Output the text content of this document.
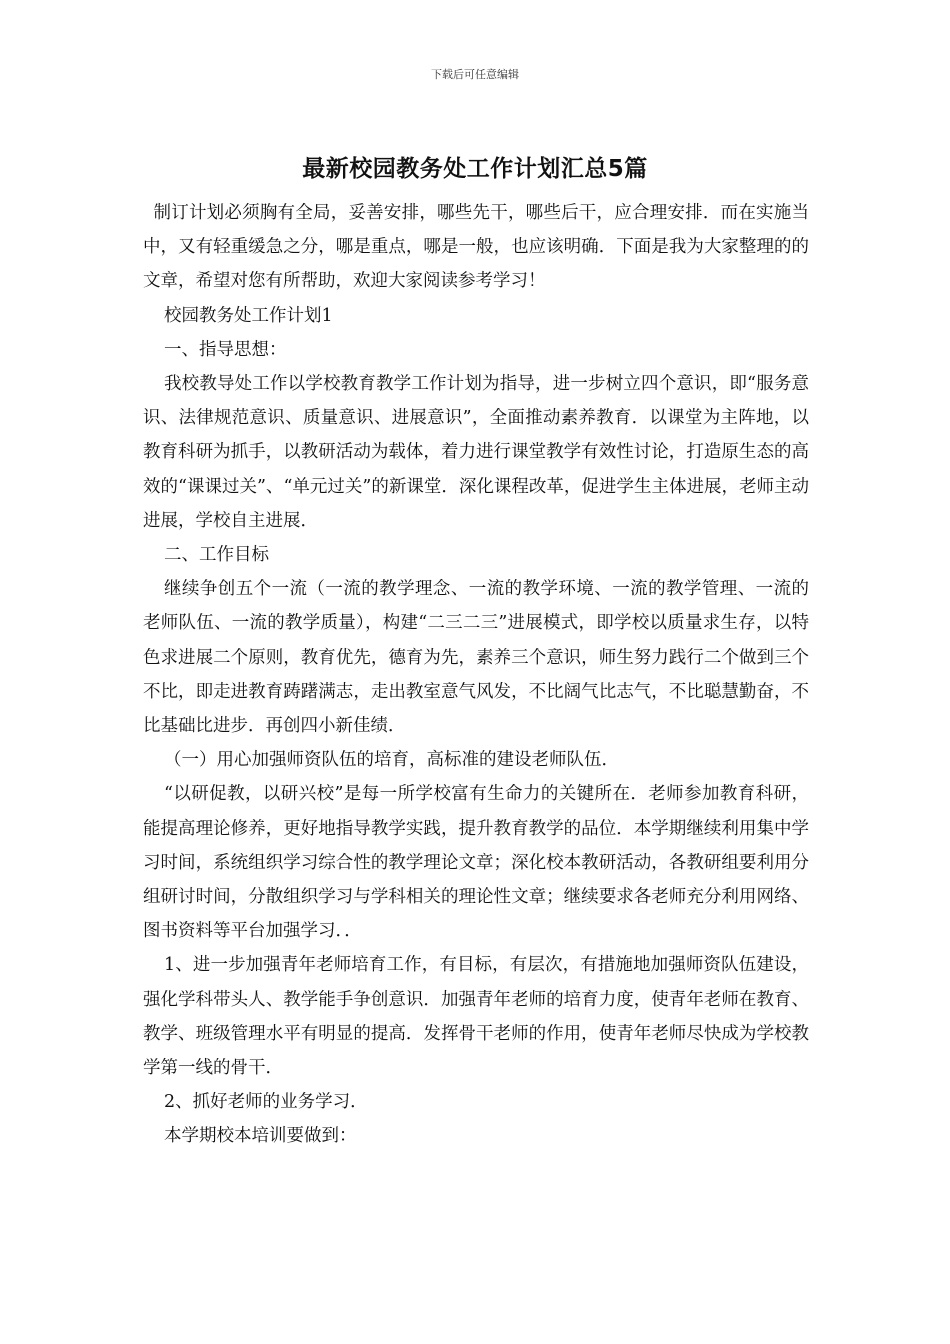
下载后可任意编辑
最新校园教务处工作计划汇总5篇

制订计划必须胸有全局，妥善安排，哪些先干，哪些后干，应合理安排．而在实施当中，又有轻重缓急之分，哪是重点，哪是一般，也应该明确．下面是我为大家整理的的文章，希望对您有所帮助，欢迎大家阅读参考学习！

校园教务处工作计划1

一、指导思想：

我校教导处工作以学校教育教学工作计划为指导，进一步树立四个意识，即“服务意识、法律规范意识、质量意识、进展意识”，全面推动素养教育．以课堂为主阵地，以教育科研为抓手，以教研活动为载体，着力进行课堂教学有效性讨论，打造原生态的高效的“课课过关”、“单元过关”的新课堂．深化课程改革，促进学生主体进展，老师主动进展，学校自主进展．

二、工作目标

继续争创五个一流（一流的教学理念、一流的教学环境、一流的教学管理、一流的老师队伍、一流的教学质量），构建“二三二三”进展模式，即学校以质量求生存，以特色求进展二个原则，教育优先，德育为先，素养三个意识，师生努力践行二个做到三个不比，即走进教育踌躇满志，走出教室意气风发，不比阔气比志气，不比聪慧勤奋，不比基础比进步．再创四小新佳绩．

（一）用心加强师资队伍的培育，高标准的建设老师队伍．

“以研促教，以研兴校”是每一所学校富有生命力的关键所在．老师参加教育科研，能提高理论修养，更好地指导教学实践，提升教育教学的品位．本学期继续利用集中学习时间，系统组织学习综合性的教学理论文章；深化校本教研活动，各教研组要利用分组研讨时间，分散组织学习与学科相关的理论性文章；继续要求各老师充分利用网络、图书资料等平台加强学习．．

1、进一步加强青年老师培育工作，有目标，有层次，有措施地加强师资队伍建设，强化学科带头人、教学能手争创意识．加强青年老师的培育力度，使青年老师在教育、教学、班级管理水平有明显的提高．发挥骨干老师的作用，使青年老师尽快成为学校教学第一线的骨干．

2、抓好老师的业务学习．

本学期校本培训要做到：
